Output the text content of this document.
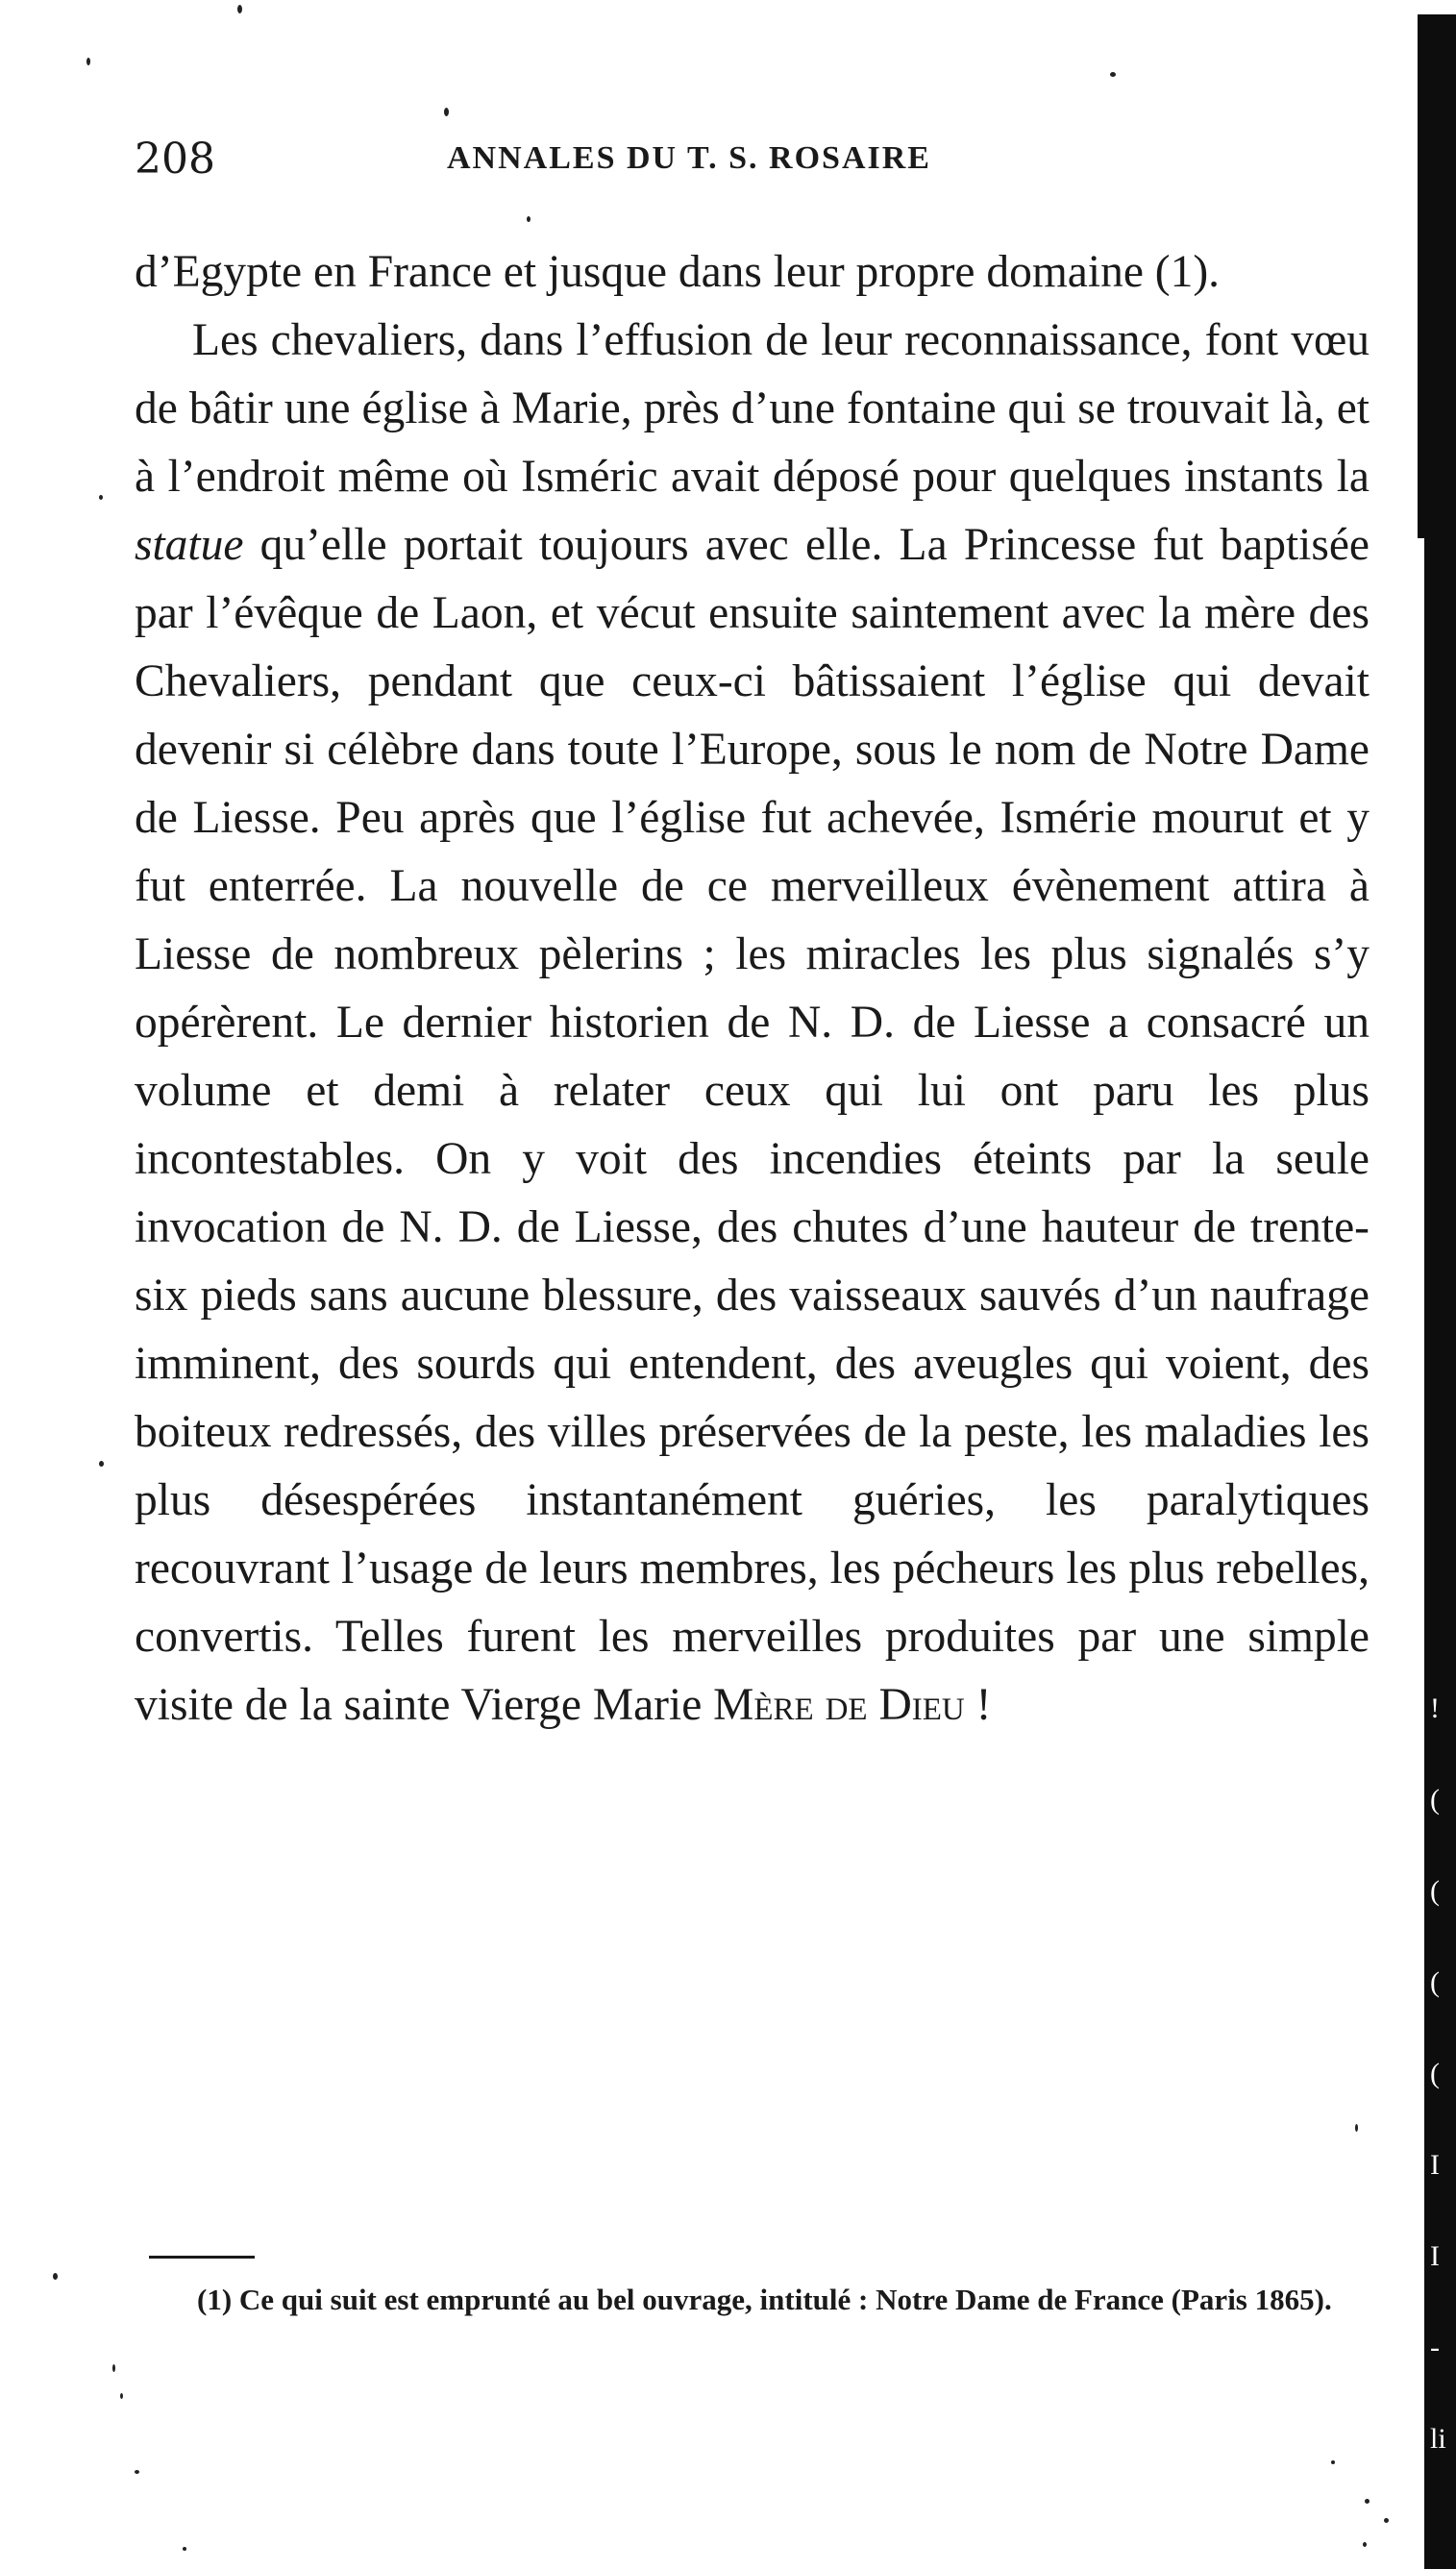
208	ANNALES DU T. S. ROSAIRE

d’Egypte en France et jusque dans leur propre domaine (1).

Les chevaliers, dans l’effusion de leur reconnaissance, font vœu de bâtir une église à Marie, près d’une fontaine qui se trouvait là, et à l’endroit même où Isméric avait déposé pour quelques instants la statue qu’elle portait toujours avec elle. La Princesse fut baptisée par l’évêque de Laon, et vécut ensuite saintement avec la mère des Chevaliers, pendant que ceux-ci bâtissaient l’église qui devait devenir si célèbre dans toute l’Europe, sous le nom de Notre Dame de Liesse. Peu après que l’église fut achevée, Ismérie mourut et y fut enterrée. La nouvelle de ce merveilleux évènement attira à Liesse de nombreux pèlerins ; les miracles les plus signalés s’y opérèrent. Le dernier historien de N. D. de Liesse a consacré un volume et demi à relater ceux qui lui ont paru les plus incontestables. On y voit des incendies éteints par la seule invocation de N. D. de Liesse, des chutes d’une hauteur de trente-six pieds sans aucune blessure, des vaisseaux sauvés d’un naufrage imminent, des sourds qui entendent, des aveugles qui voient, des boiteux redressés, des villes préservées de la peste, les maladies les plus désespérées instantanément guéries, les paralytiques recouvrant l’usage de leurs membres, les pécheurs les plus rebelles, convertis. Telles furent les merveilles produites par une simple visite de la sainte Vierge Marie Mère de Dieu !

(1) Ce qui suit est emprunté au bel ouvrage, intitulé : Notre Dame de France (Paris 1865).

!
(
(
(
(
I
I
-
li
